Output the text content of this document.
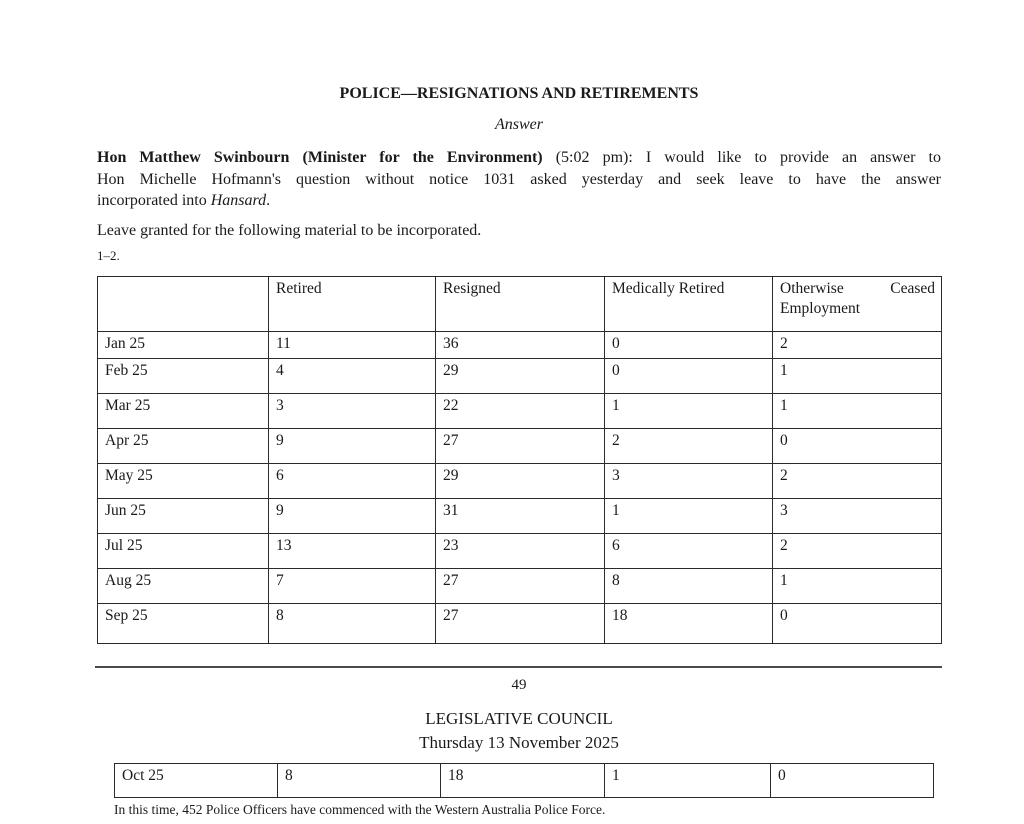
POLICE—RESIGNATIONS AND RETIREMENTS
Answer
Hon Matthew Swinbourn (Minister for the Environment) (5:02 pm): I would like to provide an answer to
Hon Michelle Hofmann's question without notice 1031 asked yesterday and seek leave to have the answer
incorporated into Hansard.
Leave granted for the following material to be incorporated.
1–2.
	Retired	Resigned	Medically Retired	Otherwise Ceased
Employment

Jan 25	11	36	0	2
Feb 25	4	29	0	1
Mar 25	3	22	1	1
Apr 25	9	27	2	0
May 25	6	29	3	2
Jun 25	9	31	1	3
Jul 25	13	23	6	2
Aug 25	7	27	8	1
Sep 25	8	27	18	0
49
LEGISLATIVE COUNCIL
Thursday 13 November 2025
Oct 25	8	18	1	0
In this time, 452 Police Officers have commenced with the Western Australia Police Force.
